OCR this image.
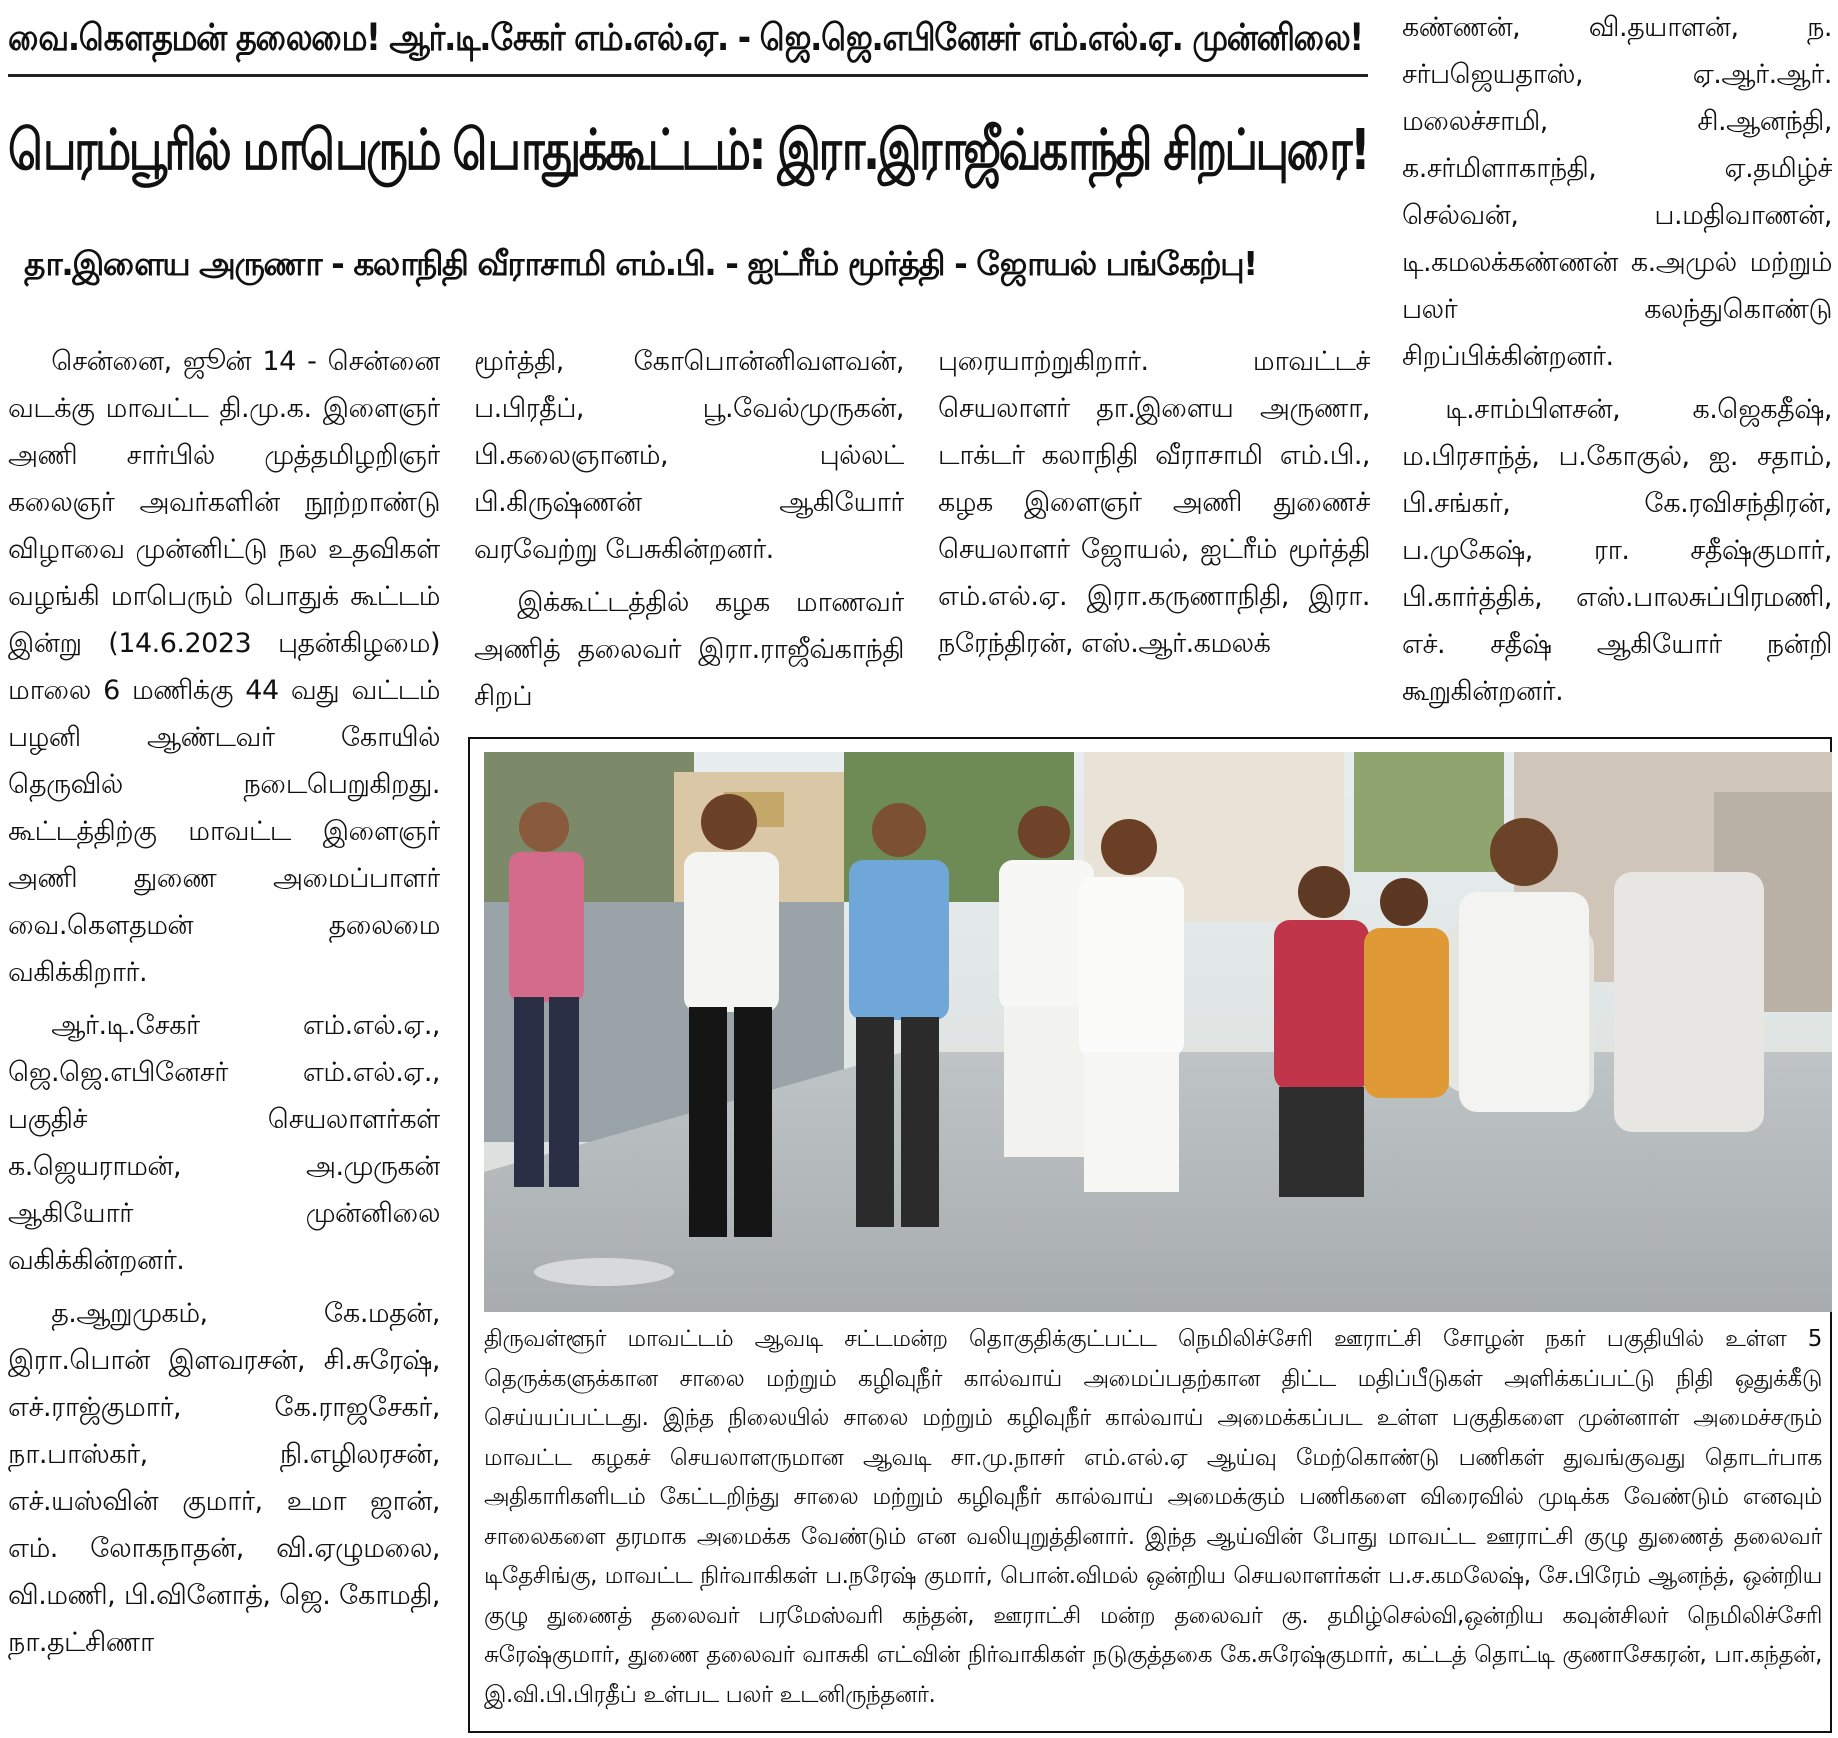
வை.கௌதமன் தலைமை! ஆர்.டி.சேகர் எம்.எல்.ஏ. - ஜெ.ஜெ.எபினேசர் எம்.எல்.ஏ. முன்னிலை!
பெரம்பூரில் மாபெரும் பொதுக்கூட்டம்: இரா.இராஜீவ்காந்தி சிறப்புரை!
தா.இளைய அருணா - கலாநிதி வீராசாமி எம்.பி. - ஐட்ரீம் மூர்த்தி - ஜோயல் பங்கேற்பு!

சென்னை, ஜூன் 14 - சென்னை வடக்கு மாவட்ட தி.மு.க. இளைஞர் அணி சார்பில் முத்தமிழறிஞர் கலைஞர் அவர்களின் நூற்றாண்டு விழாவை முன்னிட்டு நல உதவிகள் வழங்கி மாபெரும் பொதுக் கூட்டம் இன்று (14.6.2023 புதன்கிழமை) மாலை 6 மணிக்கு 44 வது வட்டம் பழனி ஆண்டவர் கோயில் தெருவில் நடைபெறுகிறது. கூட்டத்திற்கு மாவட்ட இளைஞர் அணி துணை அமைப்பாளர் வை.கௌதமன் தலைமை வகிக்கிறார்.

ஆர்.டி.சேகர் எம்.எல்.ஏ., ஜெ.ஜெ.எபினேசர் எம்.எல்.ஏ., பகுதிச் செயலாளர்கள் க.ஜெயராமன், அ.முருகன் ஆகியோர் முன்னிலை வகிக்கின்றனர்.

த.ஆறுமுகம், கே.மதன், இரா.பொன் இளவரசன், சி.சுரேஷ், எச்.ராஜ்குமார், கே.ராஜசேகர், நா.பாஸ்கர், நி.எழிலரசன், எச்.யஸ்வின் குமார், உமா ஜான், எம். லோகநாதன், வி.ஏழுமலை, வி.மணி, பி.வினோத், ஜெ. கோமதி, நா.தட்சிணா

மூர்த்தி, கோபொன்னிவளவன், ப.பிரதீப், பூ.வேல்முருகன், பி.கலைஞானம், புல்லட் பி.கிருஷ்ணன் ஆகியோர் வரவேற்று பேசுகின்றனர்.

இக்கூட்டத்தில் கழக மாணவர் அணித் தலைவர் இரா.ராஜீவ்காந்தி சிறப்

புரையாற்றுகிறார். மாவட்டச் செயலாளர் தா.இளைய அருணா, டாக்டர் கலாநிதி வீராசாமி எம்.பி., கழக இளைஞர் அணி துணைச் செயலாளர் ஜோயல், ஐட்ரீம் மூர்த்தி எம்.எல்.ஏ. இரா.கருணாநிதி, இரா. நரேந்திரன், எஸ்.ஆர்.கமலக்

கண்ணன், வி.தயாளன், ந. சர்பஜெயதாஸ், ஏ.ஆர்.ஆர். மலைச்சாமி, சி.ஆனந்தி, க.சர்மிளாகாந்தி, ஏ.தமிழ்ச் செல்வன், ப.மதிவாணன், டி.கமலக்கண்ணன் க.அமுல் மற்றும் பலர் கலந்துகொண்டு சிறப்பிக்கின்றனர்.

டி.சாம்பிளசன், க.ஜெகதீஷ், ம.பிரசாந்த், ப.கோகுல், ஐ. சதாம், பி.சங்கர், கே.ரவிசந்திரன், ப.முகேஷ், ரா. சதீஷ்குமார், பி.கார்த்திக், எஸ்.பாலசுப்பிரமணி, எச். சதீஷ் ஆகியோர் நன்றி கூறுகின்றனர்.

திருவள்ளூர் மாவட்டம் ஆவடி சட்டமன்ற தொகுதிக்குட்பட்ட நெமிலிச்சேரி ஊராட்சி சோழன் நகர் பகுதியில் உள்ள 5 தெருக்களுக்கான சாலை மற்றும் கழிவுநீர் கால்வாய் அமைப்பதற்கான திட்ட மதிப்பீடுகள் அளிக்கப்பட்டு நிதி ஒதுக்கீடு செய்யப்பட்டது. இந்த நிலையில் சாலை மற்றும் கழிவுநீர் கால்வாய் அமைக்கப்பட உள்ள பகுதிகளை முன்னாள் அமைச்சரும் மாவட்ட கழகச் செயலாளருமான ஆவடி சா.மு.நாசர் எம்.எல்.ஏ ஆய்வு மேற்கொண்டு பணிகள் துவங்குவது தொடர்பாக அதிகாரிகளிடம் கேட்டறிந்து சாலை மற்றும் கழிவுநீர் கால்வாய் அமைக்கும் பணிகளை விரைவில் முடிக்க வேண்டும் எனவும் சாலைகளை தரமாக அமைக்க வேண்டும் என வலியுறுத்தினார். இந்த ஆய்வின் போது மாவட்ட ஊராட்சி குழு துணைத் தலைவர் டிதேசிங்கு, மாவட்ட நிர்வாகிகள் ப.நரேஷ் குமார், பொன்.விமல் ஒன்றிய செயலாளர்கள் ப.ச.கமலேஷ், சே.பிரேம் ஆனந்த், ஒன்றிய குழு துணைத் தலைவர் பரமேஸ்வரி கந்தன், ஊராட்சி மன்ற தலைவர் கு. தமிழ்செல்வி,ஒன்றிய கவுன்சிலர் நெமிலிச்சேரி சுரேஷ்குமார், துணை தலைவர் வாசுகி எட்வின் நிர்வாகிகள் நடுகுத்தகை கே.சுரேஷ்குமார், கட்டத் தொட்டி குணாசேகரன், பா.கந்தன், இ.வி.பி.பிரதீப் உள்பட பலர் உடனிருந்தனர்.
